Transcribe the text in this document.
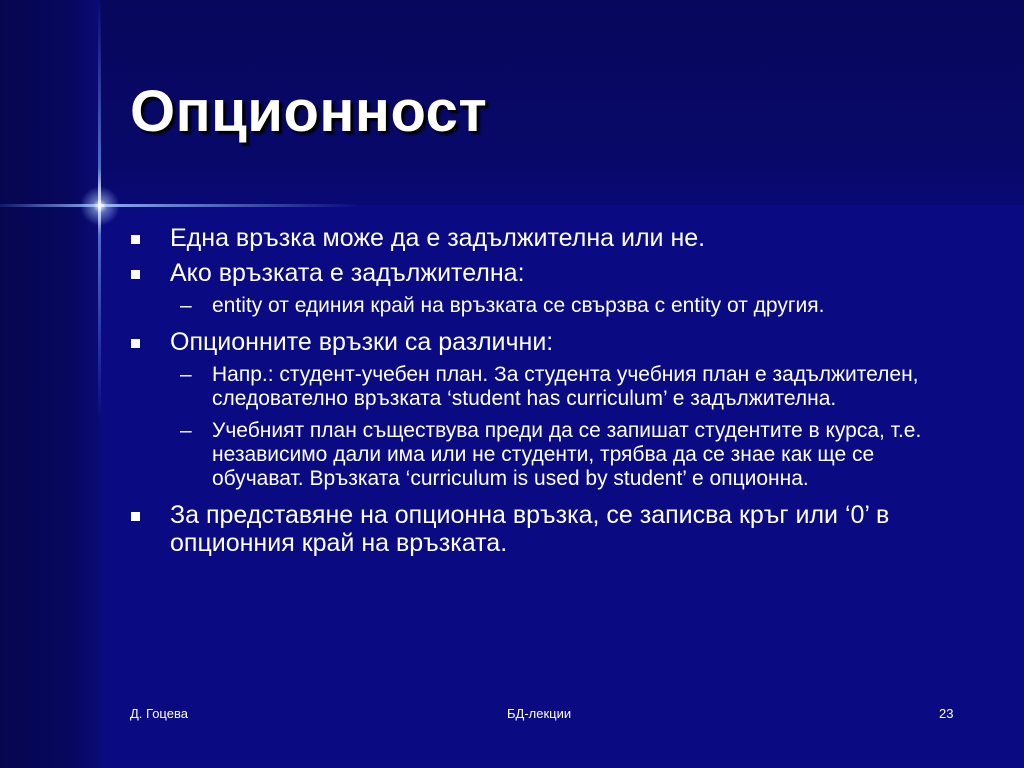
Опционност
Една връзка може да е задължителна или не.
Ако връзката е задължителна:
– entity от единия край на връзката се свързва с entity от другия.
Опционните връзки са различни:
– Напр.: студент-учебен план. За студента учебния план е задължителен, следователно връзката ‘student has curriculum’ е задължителна.
– Учебният план съществува преди да се запишат студентите в курса, т.е. независимо дали има или не студенти, трябва да се знае как ще се обучават. Връзката ‘curriculum is used by student’ е опционна.
За представяне на опционна връзка, се записва кръг или ‘0’ в опционния край на връзката.
Д. Гоцева	БД-лекции	23
